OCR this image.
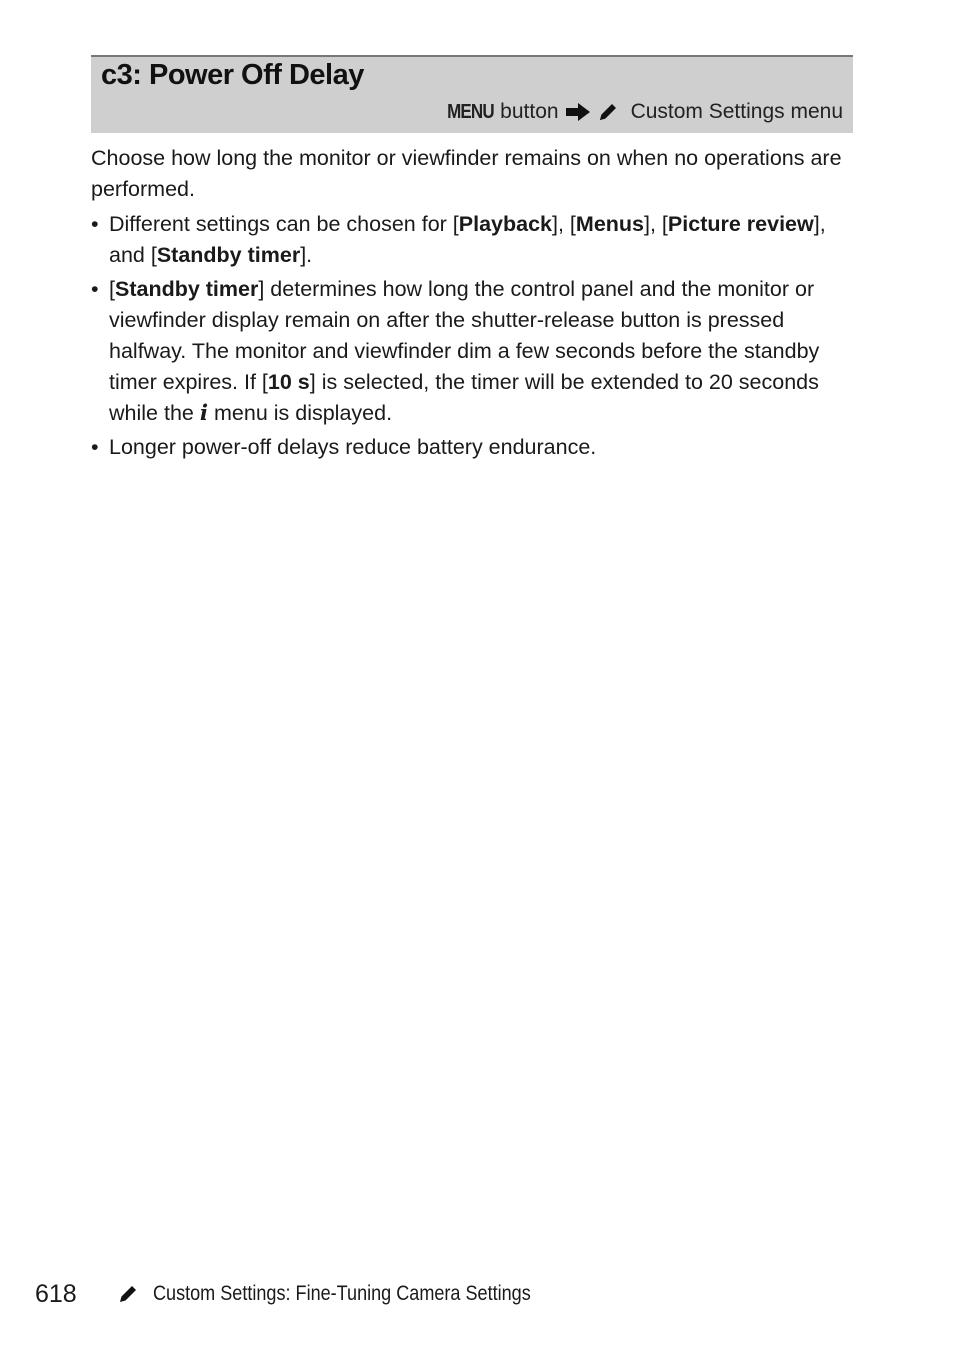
c3: Power Off Delay
MENU button	Custom Settings menu

Choose how long the monitor or viewfinder remains on when no operations are performed.

• Different settings can be chosen for [Playback], [Menus], [Picture review], and [Standby timer].
• [Standby timer] determines how long the control panel and the monitor or viewfinder display remain on after the shutter-release button is pressed halfway. The monitor and viewfinder dim a few seconds before the standby timer expires. If [10 s] is selected, the timer will be extended to 20 seconds while the i menu is displayed.
• Longer power-off delays reduce battery endurance.
618	Custom Settings: Fine-Tuning Camera Settings
